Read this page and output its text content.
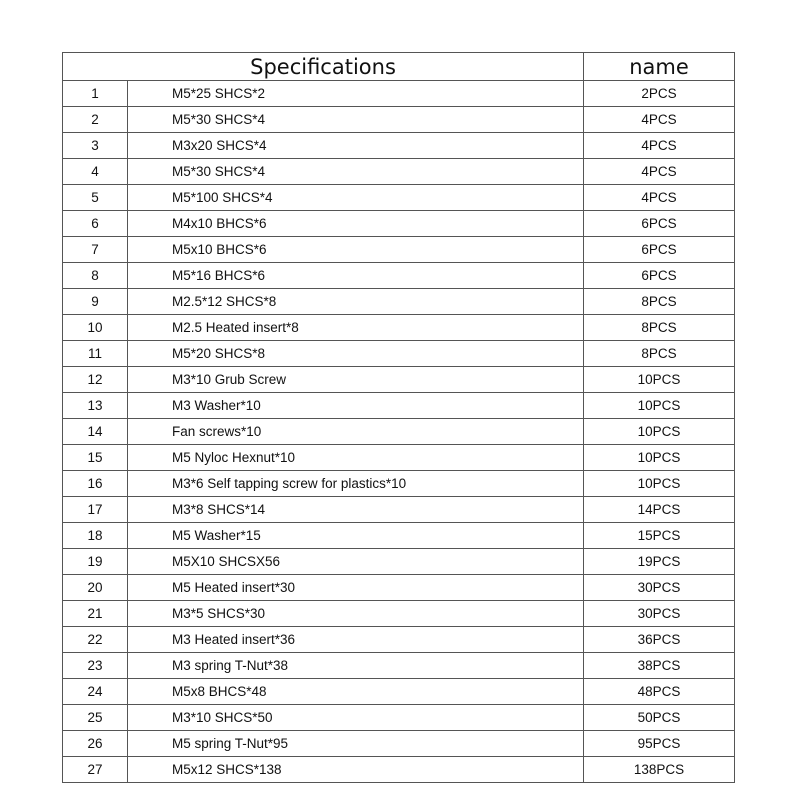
Specifications		name
1	M5*25 SHCS*2	2PCS
2	M5*30 SHCS*4	4PCS
3	M3x20 SHCS*4	4PCS
4	M5*30 SHCS*4	4PCS
5	M5*100 SHCS*4	4PCS
6	M4x10 BHCS*6	6PCS
7	M5x10 BHCS*6	6PCS
8	M5*16 BHCS*6	6PCS
9	M2.5*12 SHCS*8	8PCS
10	M2.5 Heated insert*8	8PCS
11	M5*20 SHCS*8	8PCS
12	M3*10 Grub Screw	10PCS
13	M3 Washer*10	10PCS
14	Fan screws*10	10PCS
15	M5 Nyloc Hexnut*10	10PCS
16	M3*6 Self tapping screw for plastics*10	10PCS
17	M3*8 SHCS*14	14PCS
18	M5 Washer*15	15PCS
19	M5X10 SHCSX56	19PCS
20	M5 Heated insert*30	30PCS
21	M3*5 SHCS*30	30PCS
22	M3 Heated insert*36	36PCS
23	M3 spring T-Nut*38	38PCS
24	M5x8 BHCS*48	48PCS
25	M3*10 SHCS*50	50PCS
26	M5 spring T-Nut*95	95PCS
27	M5x12 SHCS*138	138PCS
